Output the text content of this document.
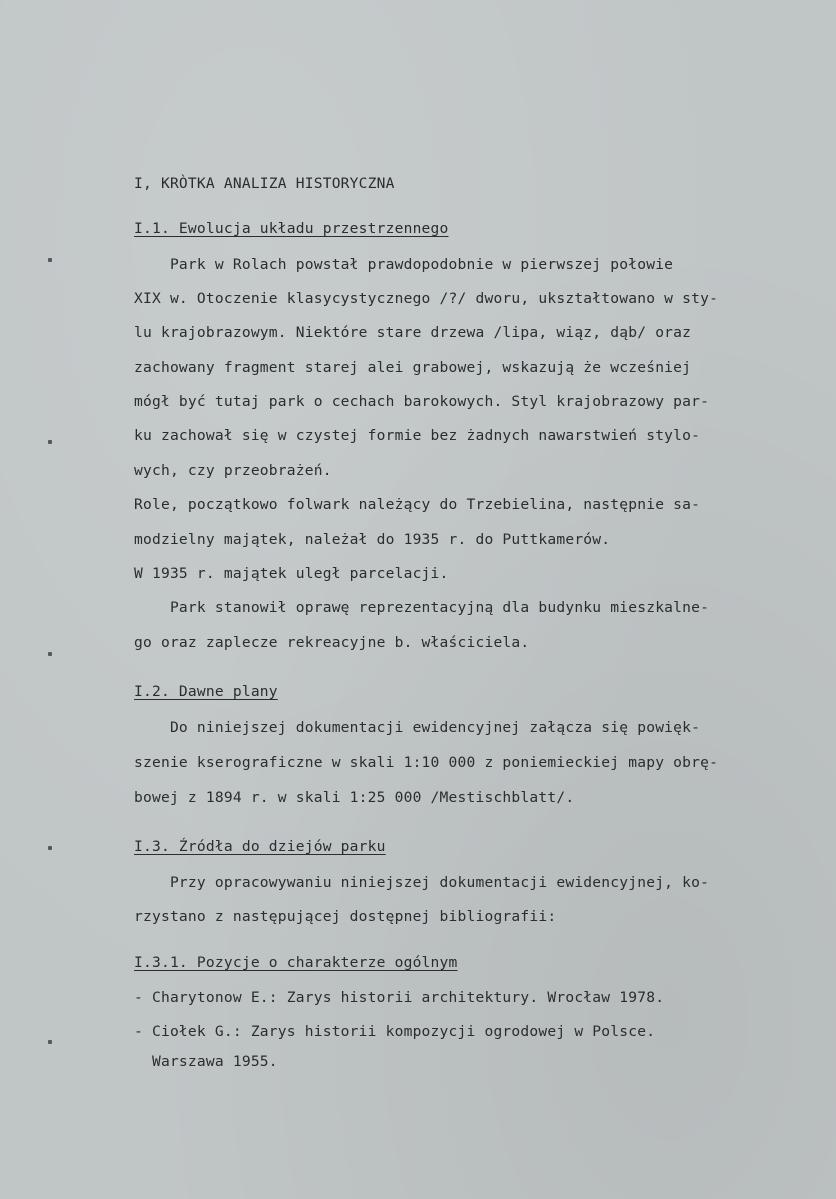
I, KRÒTKA ANALIZA HISTORYCZNA

I.1. Ewolucja układu przestrzennego

Park w Rolach powstał prawdopodobnie w pierwszej połowie

XIX w. Otoczenie klasycystycznego /?/ dworu, ukształtowano w sty-

lu krajobrazowym. Niektóre stare drzewa /lipa, wiąz, dąb/ oraz

zachowany fragment starej alei grabowej, wskazują że wcześniej

mógł być tutaj park o cechach barokowych. Styl krajobrazowy par-

ku zachował się w czystej formie bez żadnych nawarstwień stylo-

wych, czy przeobrażeń.

Role, początkowo folwark należący do Trzebielina, następnie sa-

modzielny majątek, należał do 1935 r. do Puttkamerów.

W 1935 r. majątek uległ parcelacji.

Park stanowił oprawę reprezentacyjną dla budynku mieszkalne-

go oraz zaplecze rekreacyjne b. właściciela.

I.2. Dawne plany

Do niniejszej dokumentacji ewidencyjnej załącza się powięk-

szenie kserograficzne w skali 1:10 000 z poniemieckiej mapy obrę-

bowej z 1894 r. w skali 1:25 000 /Mestischblatt/.

I.3. Źródła do dziejów parku

Przy opracowywaniu niniejszej dokumentacji ewidencyjnej, ko-

rzystano z następującej dostępnej bibliografii:

I.3.1. Pozycje o charakterze ogólnym

- Charytonow E.: Zarys historii architektury. Wrocław 1978.

- Ciołek G.: Zarys historii kompozycji ogrodowej w Polsce.

Warszawa 1955.
